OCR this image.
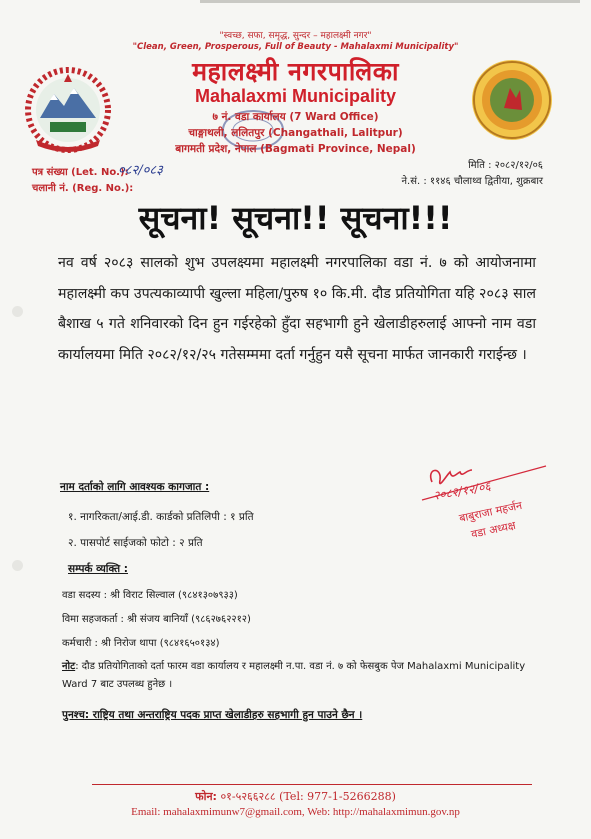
"स्वच्छ, सफा, समृद्ध, सुन्दर – महालक्ष्मी नगर"
"Clean, Green, Prosperous, Full of Beauty - Mahalaxmi Municipality"
महालक्ष्मी नगरपालिका
Mahalaxmi Municipality
७ नं. वडा कार्यालय (7 Ward Office)
चाङ्गाथली, ललितपुर (Changathali, Lalitpur)
बागमती प्रदेश, नेपाल (Bagmati Province, Nepal)
पत्र संख्या (Let. No.):
०८२/०८३
चलानी नं. (Reg. No.):
मिति : २०८२/१२/०६
ने.सं. : ११४६ चौलाथ्व द्वितीया, शुक्रबार
सूचना! सूचना!! सूचना!!!
नव वर्ष २०८३ सालको शुभ उपलक्ष्यमा महालक्ष्मी नगरपालिका वडा नं. ७ को आयोजनामा महालक्ष्मी कप उपत्यकाव्यापी खुल्ला महिला/पुरुष १० कि.मी. दौड प्रतियोगिता यहि २०८३ साल बैशाख ५ गते शनिवारको दिन हुन गईरहेको हुँदा सहभागी हुने खेलाडीहरुलाई आफ्नो नाम वडा कार्यालयमा मिति २०८२/१२/२५ गतेसम्ममा दर्ता गर्नुहुन यसै सूचना मार्फत जानकारी गराईन्छ ।
२०८२/१२/०६
बाबुराजा महर्जन
वडा अध्यक्ष
नाम दर्ताको लागि आवश्यक कागजात :
१. नागरिकता/आई.डी. कार्डको प्रतिलिपी : १ प्रति
२. पासपोर्ट साईजको फोटो : २ प्रति
सम्पर्क व्यक्ति :
वडा सदस्य : श्री विराट सिल्वाल (९८४१३०७९३३)
विमा सहजकर्ता : श्री संजय बानियाँ (९८६२७६२२१२)
कर्मचारी : श्री निरोज थापा (९८४१६५०१३४)
नोट: दौड प्रतियोगिताको दर्ता फारम वडा कार्यालय र महालक्ष्मी न.पा. वडा नं. ७ को फेसबुक पेज Mahalaxmi Municipality Ward 7 बाट उपलब्ध हुनेछ ।
पुनश्च: राष्ट्रिय तथा अन्तराष्ट्रिय पदक प्राप्त खेलाडीहरु सहभागी हुन पाउने छैन ।
फोन: ०१-५२६६२८८ (Tel: 977-1-5266288)
Email: mahalaxmimunw7@gmail.com, Web: http://mahalaxmimun.gov.np
